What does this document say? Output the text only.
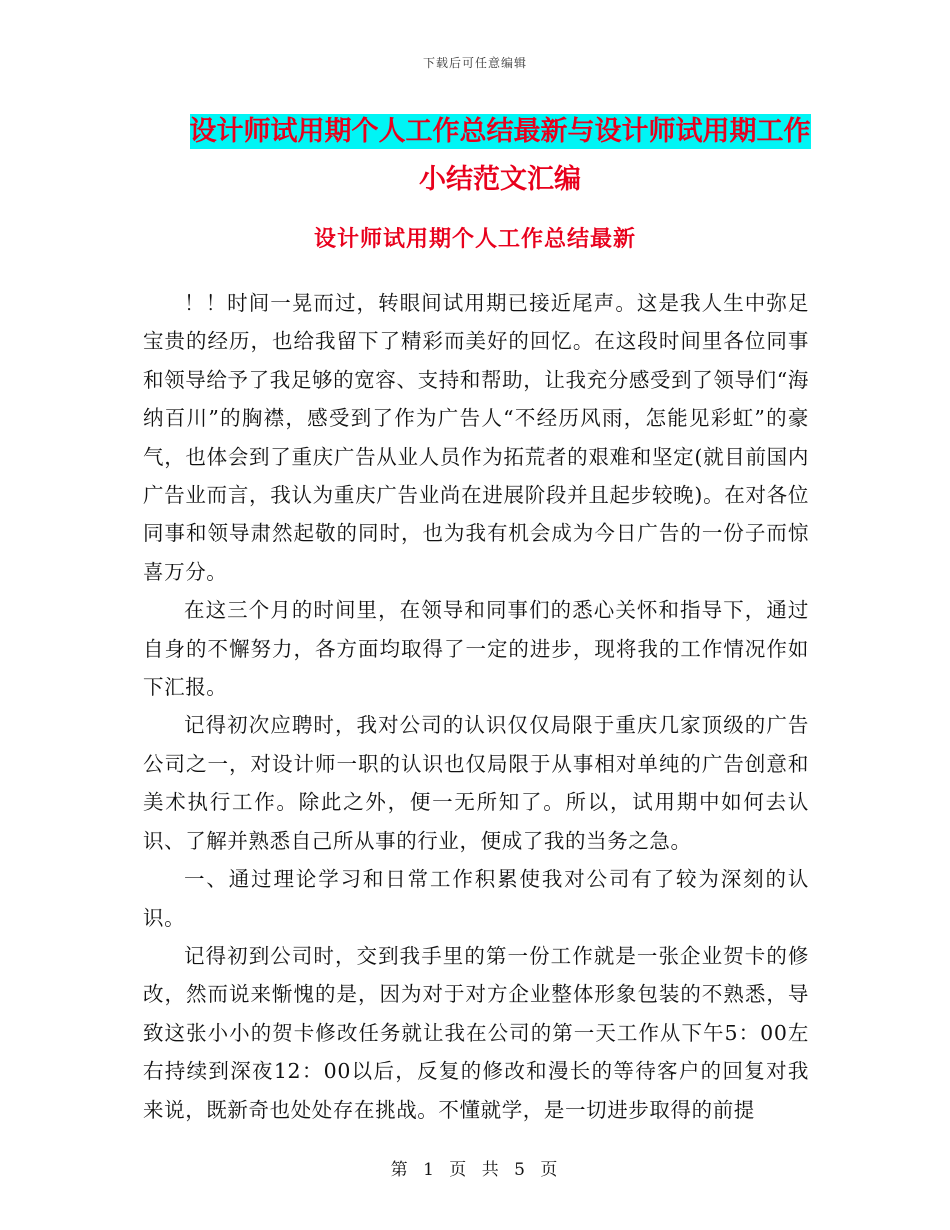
下载后可任意编辑
设计师试用期个人工作总结最新与设计师试用期工作
小结范文汇编
设计师试用期个人工作总结最新

！！时间一晃而过，转眼间试用期已接近尾声。这是我人生中弥足宝贵的经历，也给我留下了精彩而美好的回忆。在这段时间里各位同事和领导给予了我足够的宽容、支持和帮助，让我充分感受到了领导们“海纳百川”的胸襟，感受到了作为广告人“不经历风雨，怎能见彩虹”的豪气，也体会到了重庆广告从业人员作为拓荒者的艰难和坚定(就目前国内广告业而言，我认为重庆广告业尚在进展阶段并且起步较晚)。在对各位同事和领导肃然起敬的同时，也为我有机会成为今日广告的一份子而惊喜万分。

在这三个月的时间里，在领导和同事们的悉心关怀和指导下，通过自身的不懈努力，各方面均取得了一定的进步，现将我的工作情况作如下汇报。

记得初次应聘时，我对公司的认识仅仅局限于重庆几家顶级的广告公司之一，对设计师一职的认识也仅局限于从事相对单纯的广告创意和美术执行工作。除此之外，便一无所知了。所以，试用期中如何去认识、了解并熟悉自己所从事的行业，便成了我的当务之急。

一、通过理论学习和日常工作积累使我对公司有了较为深刻的认识。

记得初到公司时，交到我手里的第一份工作就是一张企业贺卡的修改，然而说来惭愧的是，因为对于对方企业整体形象包装的不熟悉，导致这张小小的贺卡修改任务就让我在公司的第一天工作从下午5：00左右持续到深夜12：00以后，反复的修改和漫长的等待客户的回复对我来说，既新奇也处处存在挑战。不懂就学，是一切进步取得的前提

第 1 页 共 5 页
